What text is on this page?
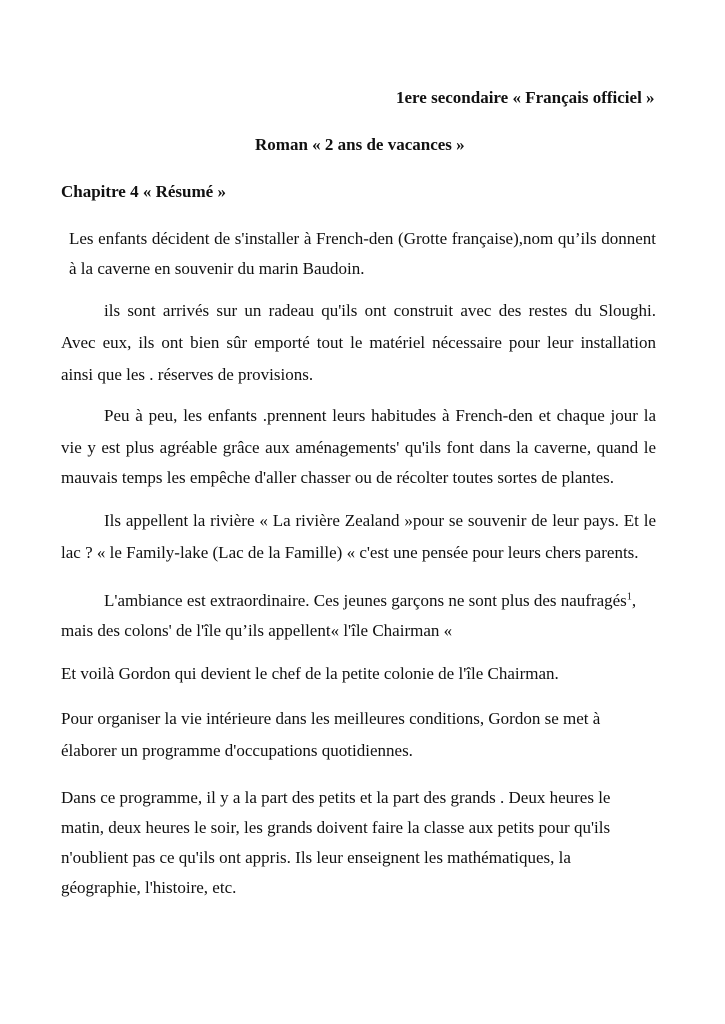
1ere secondaire « Français officiel »
Roman « 2 ans de vacances »
Chapitre 4 « Résumé »
Les enfants décident de s'installer à French-den (Grotte française),nom qu’ils donnent
à la caverne en souvenir du marin Baudoin.
ils sont arrivés sur un radeau qu'ils ont construit avec des restes du Sloughi.
Avec eux, ils ont bien sûr emporté tout le matériel nécessaire pour leur installation
ainsi que les . réserves de provisions.
Peu à peu, les enfants .prennent leurs habitudes à French-den et chaque jour la
vie y est plus agréable grâce aux aménagements' qu'ils font dans la caverne, quand le
mauvais temps les empêche d'aller chasser ou de récolter toutes sortes de plantes.
Ils appellent la rivière « La rivière Zealand »pour se souvenir de leur pays. Et le
lac ? « le Family-lake (Lac de la Famille) « c'est une pensée pour leurs chers parents.
L'ambiance est extraordinaire. Ces jeunes garçons ne sont plus des naufragés$^1$,
mais des colons' de l'île qu’ils appellent« l'île Chairman «
Et voilà Gordon qui devient le chef de la petite colonie de l'île Chairman.
Pour organiser la vie intérieure dans les meilleures conditions, Gordon se met à
élaborer un programme d'occupations quotidiennes.
Dans ce programme, il y a la part des petits et la part des grands . Deux heures le
matin, deux heures le soir, les grands doivent faire la classe aux petits pour qu'ils
n'oublient pas ce qu'ils ont appris. Ils leur enseignent les mathématiques, la
géographie, l'histoire, etc.
